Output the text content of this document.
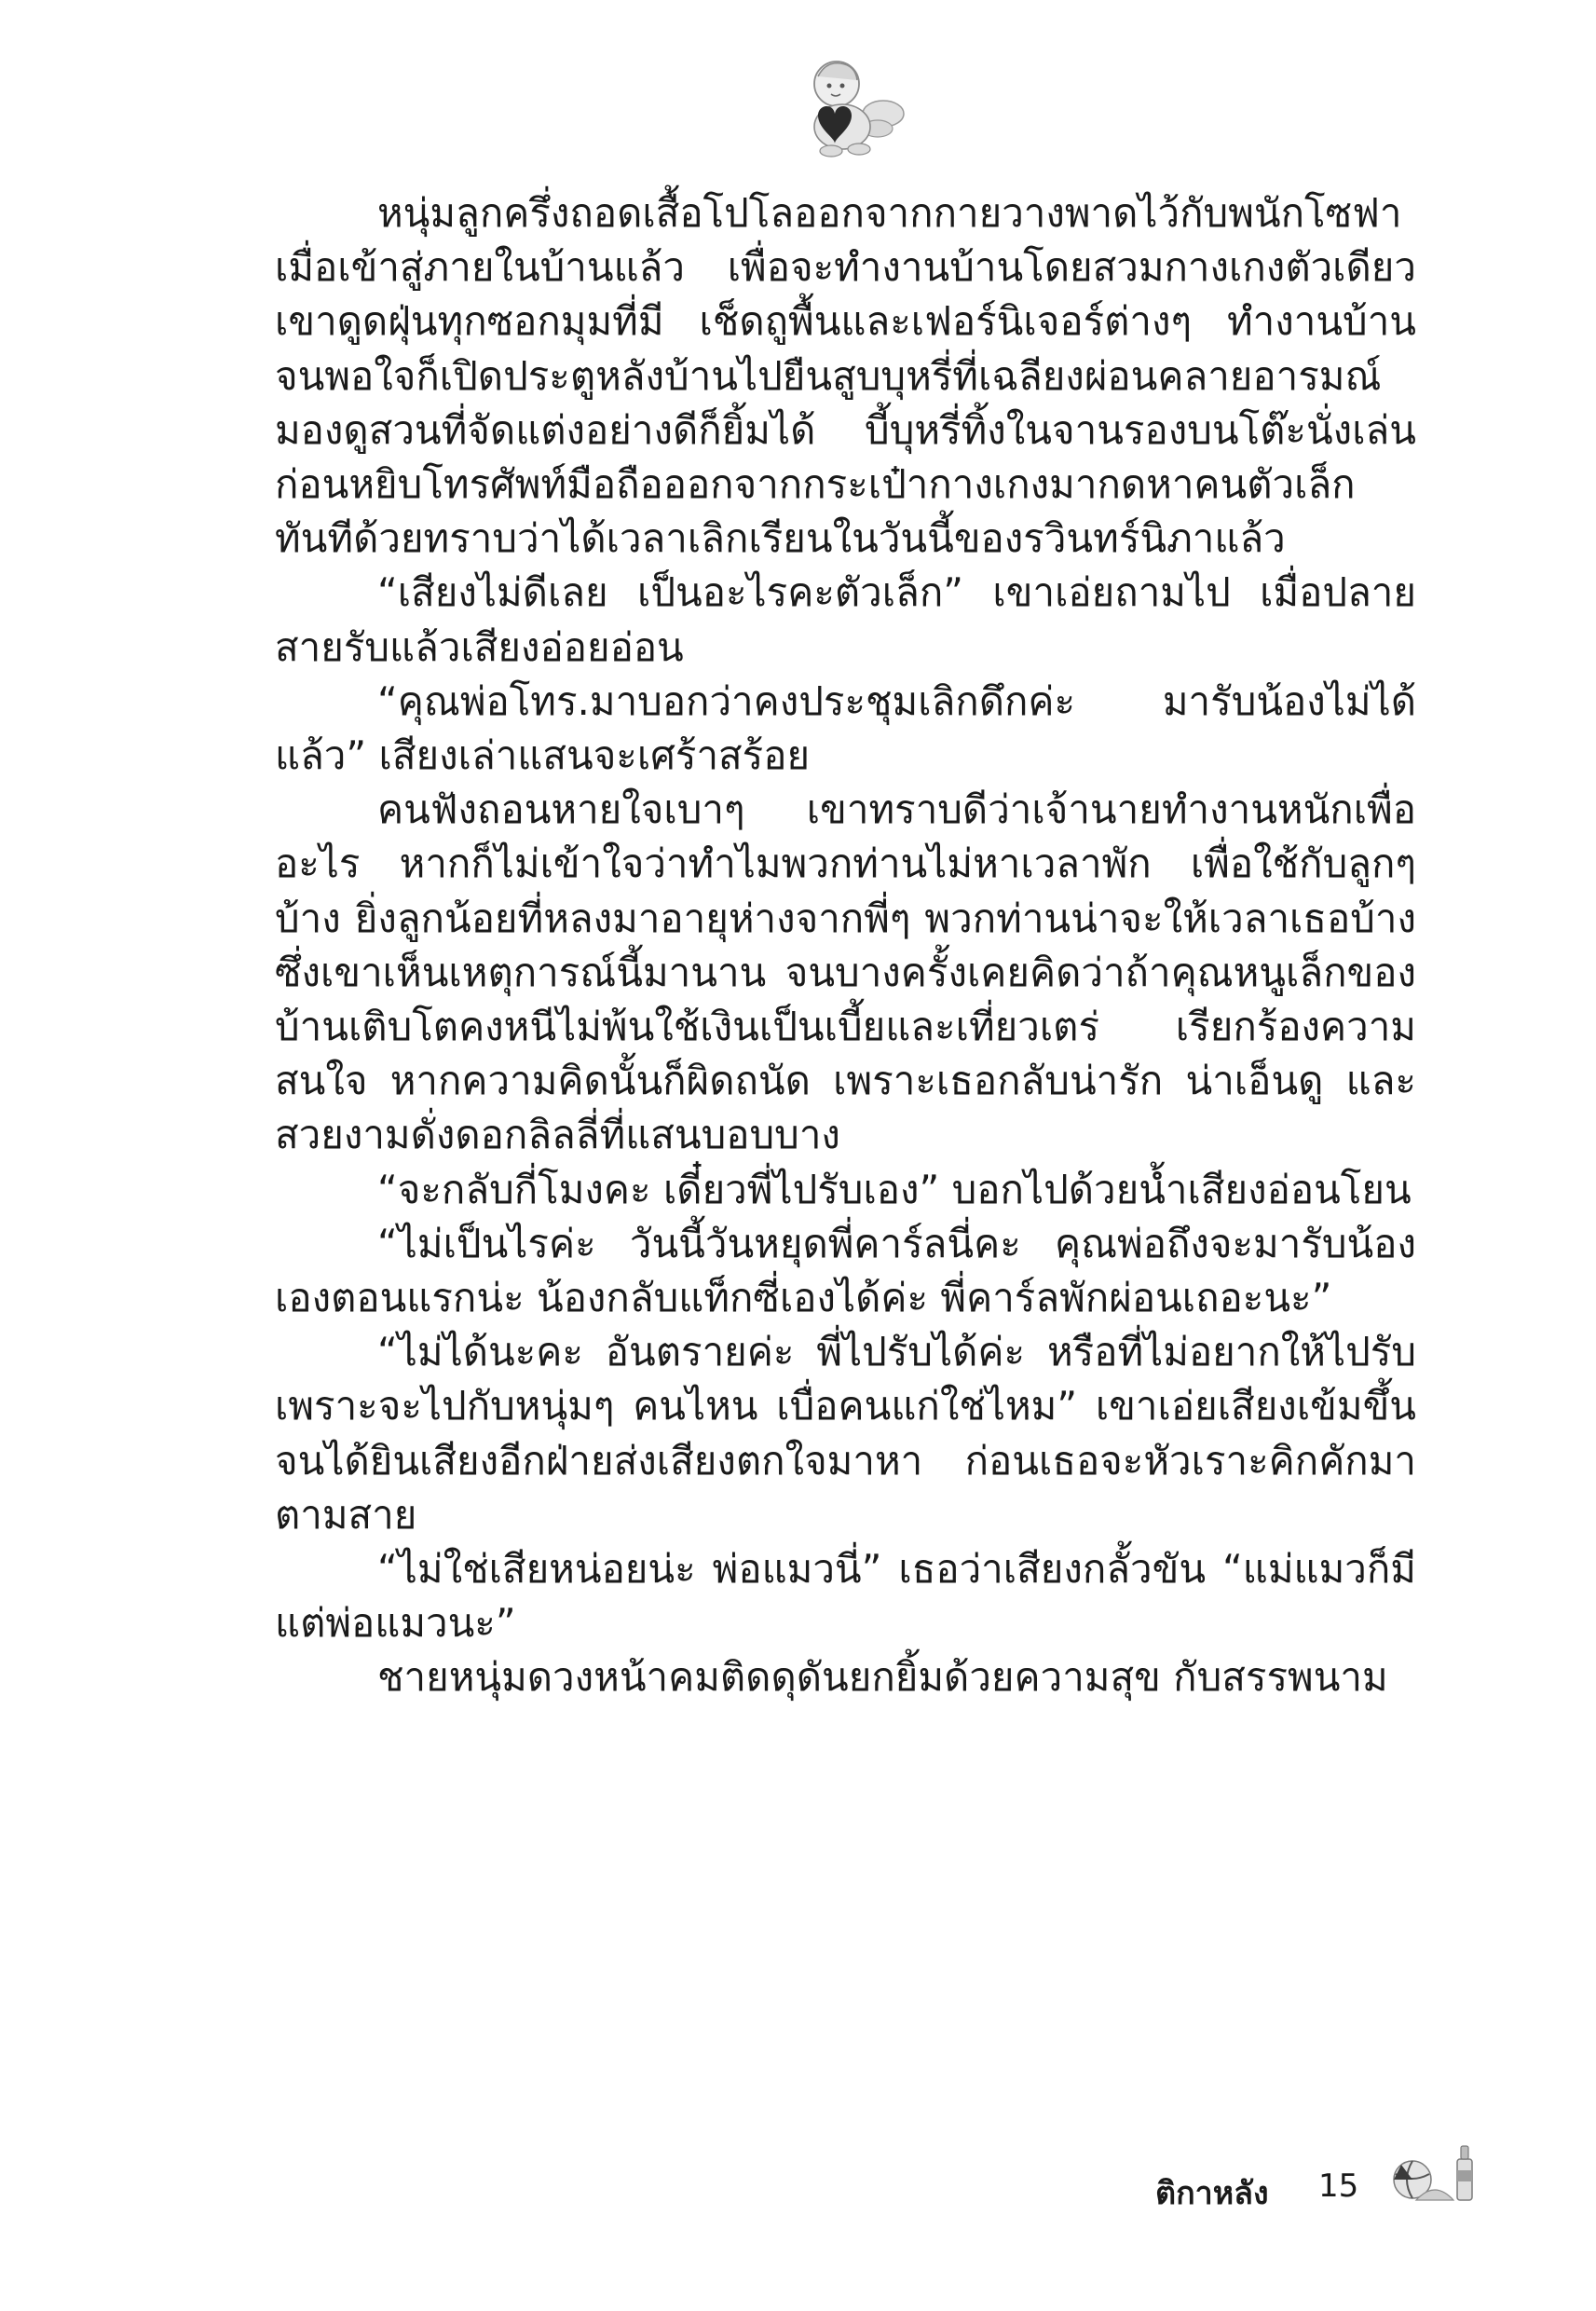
หนุ่มลูกครึ่งถอดเสื้อโปโลออกจากกายวางพาดไว้กับพนักโซฟาเมื่อเข้าสู่ภายในบ้านแล้ว เพื่อจะทำงานบ้านโดยสวมกางเกงตัวเดียว เขาดูดฝุ่นทุกซอกมุมที่มี เช็ดถูพื้นและเฟอร์นิเจอร์ต่างๆ ทำงานบ้านจนพอใจก็เปิดประตูหลังบ้านไปยืนสูบบุหรี่ที่เฉลียงผ่อนคลายอารมณ์มองดูสวนที่จัดแต่งอย่างดีก็ยิ้มได้ บี้บุหรี่ทิ้งในจานรองบนโต๊ะนั่งเล่นก่อนหยิบโทรศัพท์มือถือออกจากกระเป๋ากางเกงมากดหาคนตัวเล็กทันทีด้วยทราบว่าได้เวลาเลิกเรียนในวันนี้ของรวินทร์นิภาแล้ว

“เสียงไม่ดีเลย เป็นอะไรคะตัวเล็ก” เขาเอ่ยถามไป เมื่อปลายสายรับแล้วเสียงอ่อยอ่อน

“คุณพ่อโทร.มาบอกว่าคงประชุมเลิกดึกค่ะ มารับน้องไม่ได้แล้ว” เสียงเล่าแสนจะเศร้าสร้อย

คนฟังถอนหายใจเบาๆ เขาทราบดีว่าเจ้านายทำงานหนักเพื่ออะไร หากก็ไม่เข้าใจว่าทำไมพวกท่านไม่หาเวลาพัก เพื่อใช้กับลูกๆ บ้าง ยิ่งลูกน้อยที่หลงมาอายุห่างจากพี่ๆ พวกท่านน่าจะให้เวลาเธอบ้าง ซึ่งเขาเห็นเหตุการณ์นี้มานาน จนบางครั้งเคยคิดว่าถ้าคุณหนูเล็กของบ้านเติบโตคงหนีไม่พ้นใช้เงินเป็นเบี้ยและเที่ยวเตร่ เรียกร้องความสนใจ หากความคิดนั้นก็ผิดถนัด เพราะเธอกลับน่ารัก น่าเอ็นดู และสวยงามดั่งดอกลิลลี่ที่แสนบอบบาง

“จะกลับกี่โมงคะ เดี๋ยวพี่ไปรับเอง” บอกไปด้วยน้ำเสียงอ่อนโยน

“ไม่เป็นไรค่ะ วันนี้วันหยุดพี่คาร์ลนี่คะ คุณพ่อถึงจะมารับน้องเองตอนแรกน่ะ น้องกลับแท็กซี่เองได้ค่ะ พี่คาร์ลพักผ่อนเถอะนะ”

“ไม่ได้นะคะ อันตรายค่ะ พี่ไปรับได้ค่ะ หรือที่ไม่อยากให้ไปรับเพราะจะไปกับหนุ่มๆ คนไหน เบื่อคนแก่ใช่ไหม” เขาเอ่ยเสียงเข้มขึ้น จนได้ยินเสียงอีกฝ่ายส่งเสียงตกใจมาหา ก่อนเธอจะหัวเราะคิกคักมาตามสาย

“ไม่ใช่เสียหน่อยน่ะ พ่อแมวนี่” เธอว่าเสียงกลั้วขัน “แม่แมวก็มีแต่พ่อแมวนะ”

ชายหนุ่มดวงหน้าคมติดดุดันยกยิ้มด้วยความสุข กับสรรพนาม

ติกาหลัง 15
